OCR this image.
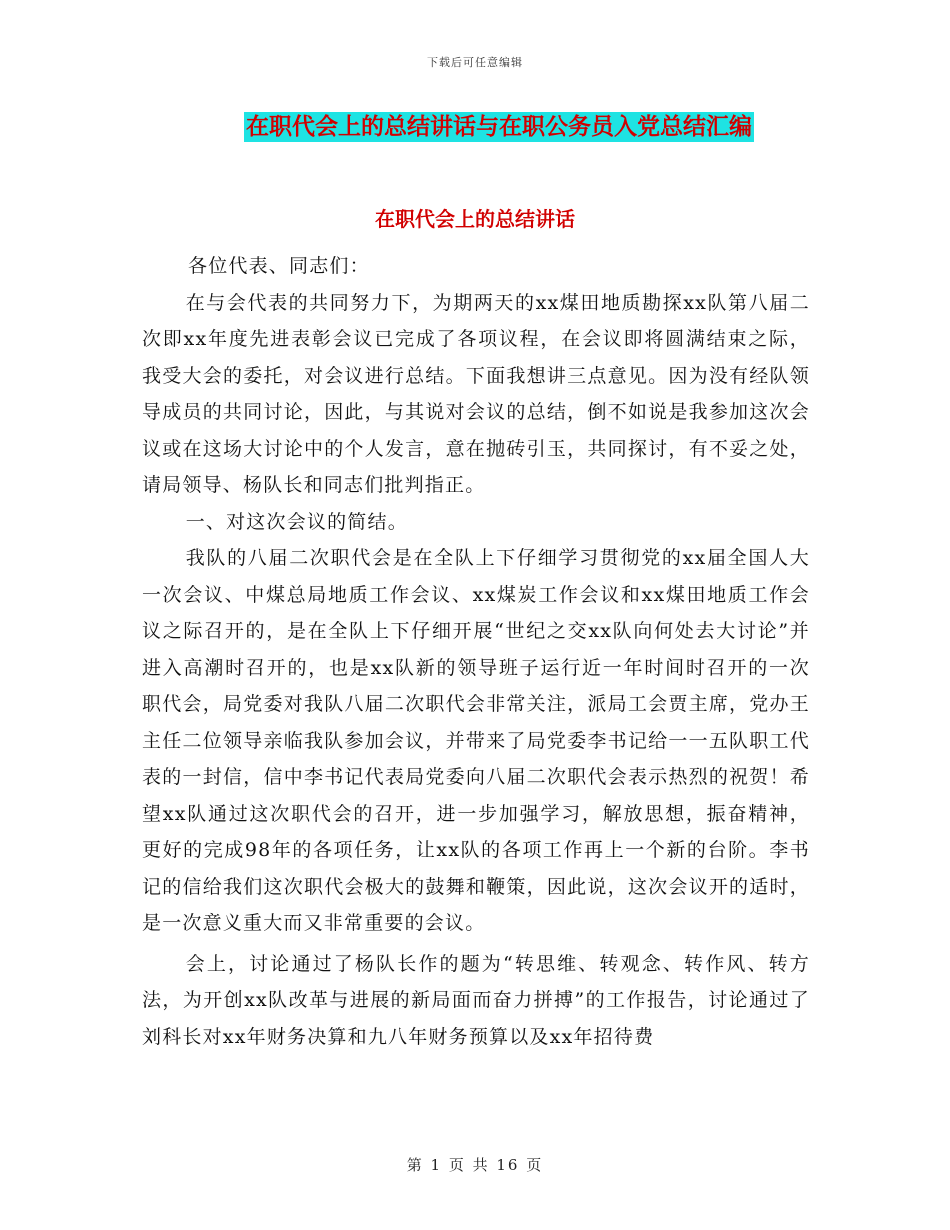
下载后可任意编辑
在职代会上的总结讲话与在职公务员入党总结汇编
在职代会上的总结讲话

各位代表、同志们：

在与会代表的共同努力下，为期两天的xx煤田地质勘探xx队第八届二次即xx年度先进表彰会议已完成了各项议程，在会议即将圆满结束之际，我受大会的委托，对会议进行总结。下面我想讲三点意见。因为没有经队领导成员的共同讨论，因此，与其说对会议的总结，倒不如说是我参加这次会议或在这场大讨论中的个人发言，意在抛砖引玉，共同探讨，有不妥之处，请局领导、杨队长和同志们批判指正。

一、对这次会议的简结。

我队的八届二次职代会是在全队上下仔细学习贯彻党的xx届全国人大一次会议、中煤总局地质工作会议、xx煤炭工作会议和xx煤田地质工作会议之际召开的，是在全队上下仔细开展“世纪之交xx队向何处去大讨论”并进入高潮时召开的，也是xx队新的领导班子运行近一年时间时召开的一次职代会，局党委对我队八届二次职代会非常关注，派局工会贾主席，党办王主任二位领导亲临我队参加会议，并带来了局党委李书记给一一五队职工代表的一封信，信中李书记代表局党委向八届二次职代会表示热烈的祝贺！希望xx队通过这次职代会的召开，进一步加强学习，解放思想，振奋精神，更好的完成98年的各项任务，让xx队的各项工作再上一个新的台阶。李书记的信给我们这次职代会极大的鼓舞和鞭策，因此说，这次会议开的适时，是一次意义重大而又非常重要的会议。

会上，讨论通过了杨队长作的题为“转思维、转观念、转作风、转方法，为开创xx队改革与进展的新局面而奋力拼搏”的工作报告，讨论通过了刘科长对xx年财务决算和九八年财务预算以及xx年招待费

第 1 页 共 16 页
